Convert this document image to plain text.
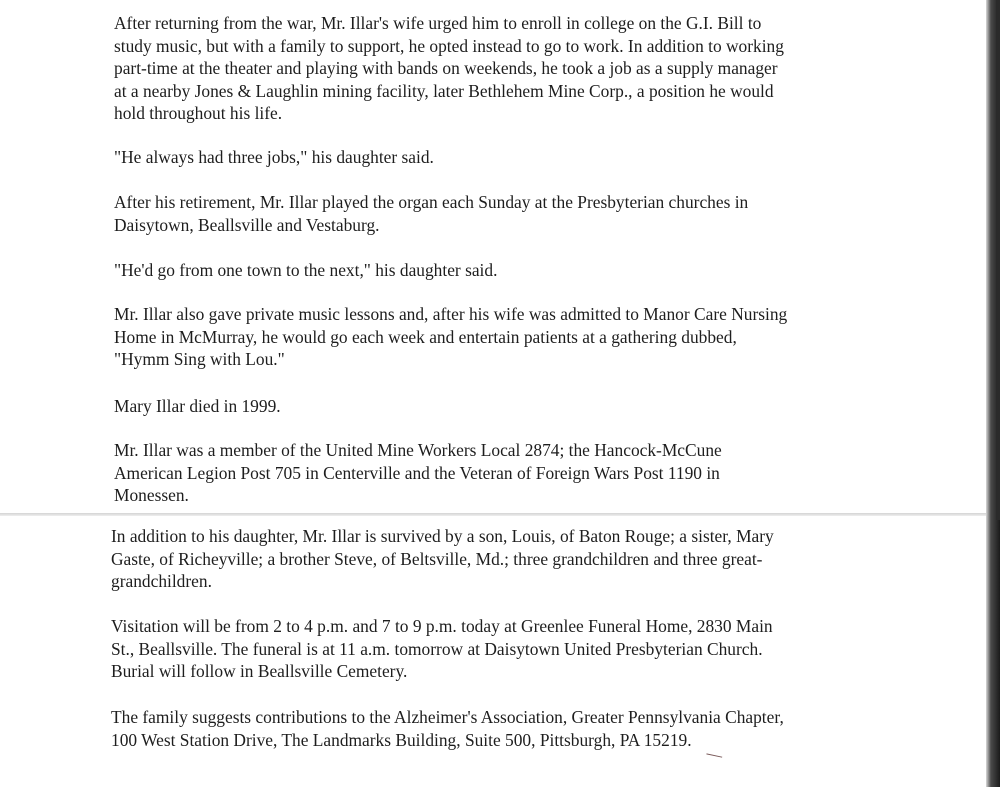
After returning from the war, Mr. Illar's wife urged him to enroll in college on the G.I. Bill to

study music, but with a family to support, he opted instead to go to work. In addition to working

part-time at the theater and playing with bands on weekends, he took a job as a supply manager

at a nearby Jones & Laughlin mining facility, later Bethlehem Mine Corp., a position he would

hold throughout his life.

"He always had three jobs," his daughter said.

After his retirement, Mr. Illar played the organ each Sunday at the Presbyterian churches in

Daisytown, Beallsville and Vestaburg.

"He'd go from one town to the next," his daughter said.

Mr. Illar also gave private music lessons and, after his wife was admitted to Manor Care Nursing

Home in McMurray, he would go each week and entertain patients at a gathering dubbed,

"Hymm Sing with Lou."

Mary Illar died in 1999.

Mr. Illar was a member of the United Mine Workers Local 2874; the Hancock-McCune

American Legion Post 705 in Centerville and the Veteran of Foreign Wars Post 1190 in

Monessen.

In addition to his daughter, Mr. Illar is survived by a son, Louis, of Baton Rouge; a sister, Mary

Gaste, of Richeyville; a brother Steve, of Beltsville, Md.; three grandchildren and three great-

grandchildren.

Visitation will be from 2 to 4 p.m. and 7 to 9 p.m. today at Greenlee Funeral Home, 2830 Main

St., Beallsville. The funeral is at 11 a.m. tomorrow at Daisytown United Presbyterian Church.

Burial will follow in Beallsville Cemetery.

The family suggests contributions to the Alzheimer's Association, Greater Pennsylvania Chapter,

100 West Station Drive, The Landmarks Building, Suite 500, Pittsburgh, PA 15219.
